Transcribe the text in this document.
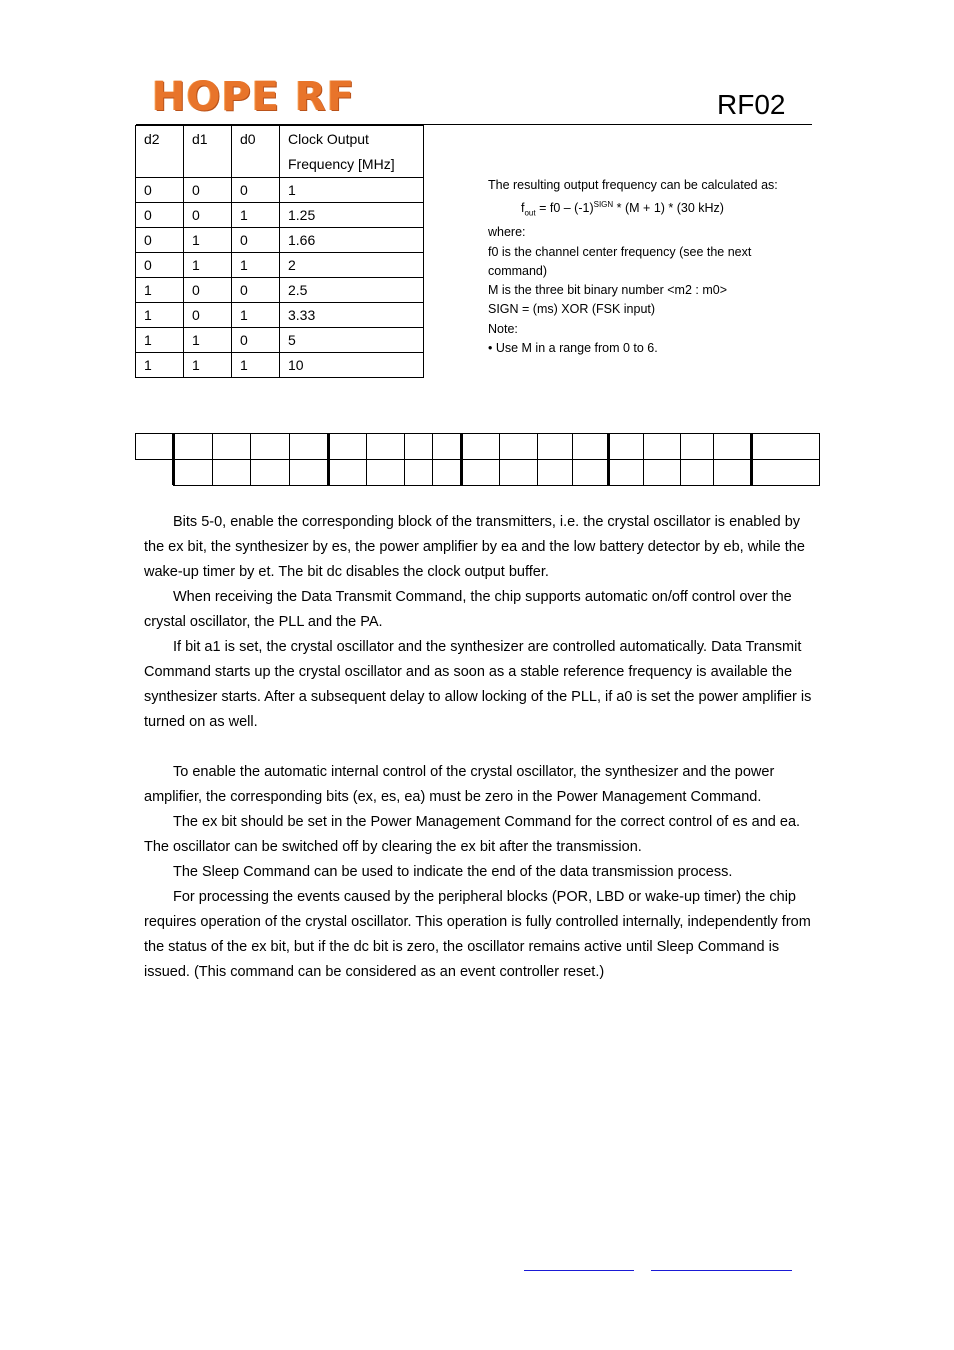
HOPE RF	RF02
d2	d1	d0	Clock Output
Frequency [MHz]
0	0	0	1
0	0	1	1.25
0	1	0	1.66
0	1	1	2
1	0	0	2.5
1	0	1	3.33
1	1	0	5
1	1	1	10
The resulting output frequency can be calculated as:
$f_{out} = f0 - (-1)^{SIGN} * (M + 1) * (30$ kHz)
where:
f0 is the channel center frequency (see the next
command)
M is the three bit binary number <m2 : m0>
SIGN = (ms) XOR (FSK input)
Note:
• Use M in a range from 0 to 6.

Bits 5-0, enable the corresponding block of the transmitters, i.e. the crystal oscillator is enabled by the ex bit, the synthesizer by es, the power amplifier by ea and the low battery detector by eb, while the wake-up timer by et. The bit dc disables the clock output buffer.

When receiving the Data Transmit Command, the chip supports automatic on/off control over the crystal oscillator, the PLL and the PA.

If bit a1 is set, the crystal oscillator and the synthesizer are controlled automatically. Data Transmit Command starts up the crystal oscillator and as soon as a stable reference frequency is available the synthesizer starts. After a subsequent delay to allow locking of the PLL, if a0 is set the power amplifier is turned on as well.

To enable the automatic internal control of the crystal oscillator, the synthesizer and the power amplifier, the corresponding bits (ex, es, ea) must be zero in the Power Management Command.

The ex bit should be set in the Power Management Command for the correct control of es and ea. The oscillator can be switched off by clearing the ex bit after the transmission.

The Sleep Command can be used to indicate the end of the data transmission process.

For processing the events caused by the peripheral blocks (POR, LBD or wake-up timer) the chip requires operation of the crystal oscillator. This operation is fully controlled internally, independently from the status of the ex bit, but if the dc bit is zero, the oscillator remains active until Sleep Command is issued. (This command can be considered as an event controller reset.)
